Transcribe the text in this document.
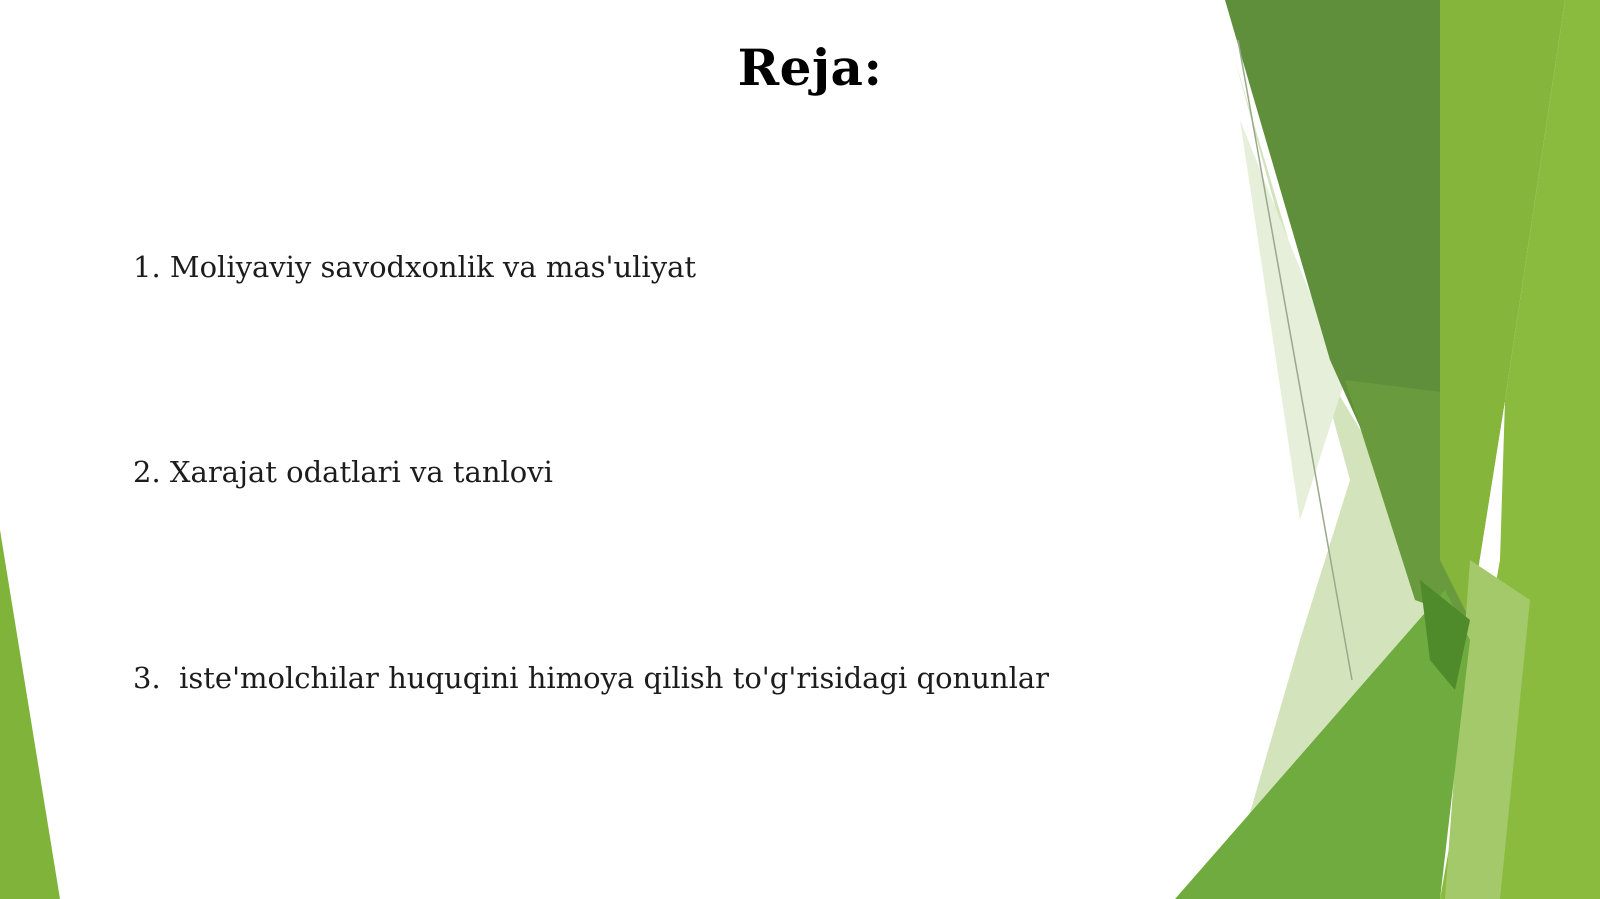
Reja:
1. Moliyaviy savodxonlik va mas'uliyat
2. Xarajat odatlari va tanlovi
3.  iste'molchilar huquqini himoya qilish to'g'risidagi qonunlar
